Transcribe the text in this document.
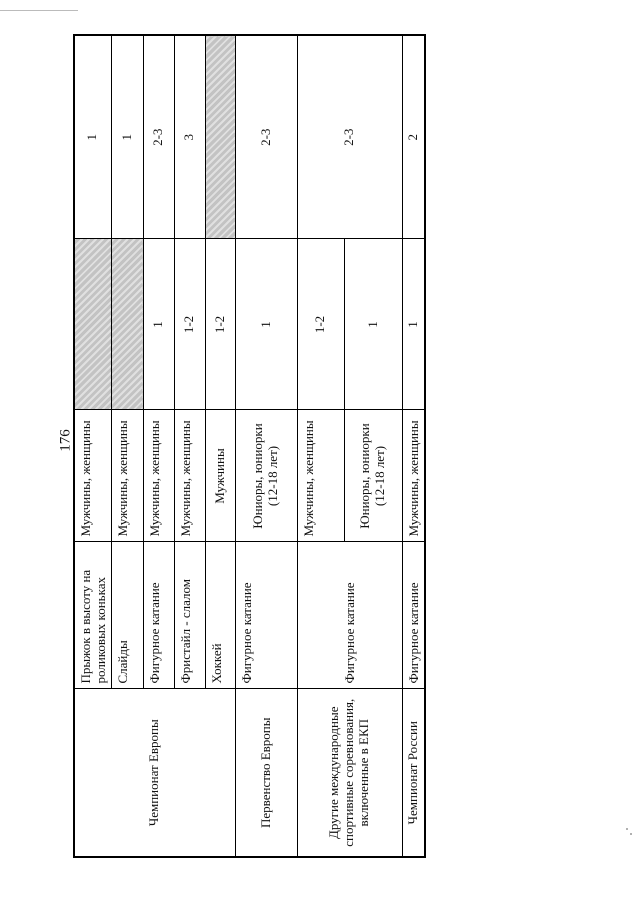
176
Чемпионат Европы	Прыжок в высоту на роликовых коньках	Мужчины, женщины		1
	Слайды	Мужчины, женщины		1
	Фигурное катание	Мужчины, женщины	1	2-3
	Фристайл - слалом	Мужчины, женщины	1-2	3
	Хоккей	Мужчины	1-2	
Первенство Европы	Фигурное катание	Юниоры, юниорки (12-18 лет)	1	2-3
Другие международные спортивные соревнования, включенные в ЕКП	Фигурное катание	Мужчины, женщины	1-2	2-3
		Юниоры, юниорки (12-18 лет)	1	
Чемпионат России	Фигурное катание	Мужчины, женщины	1	2
